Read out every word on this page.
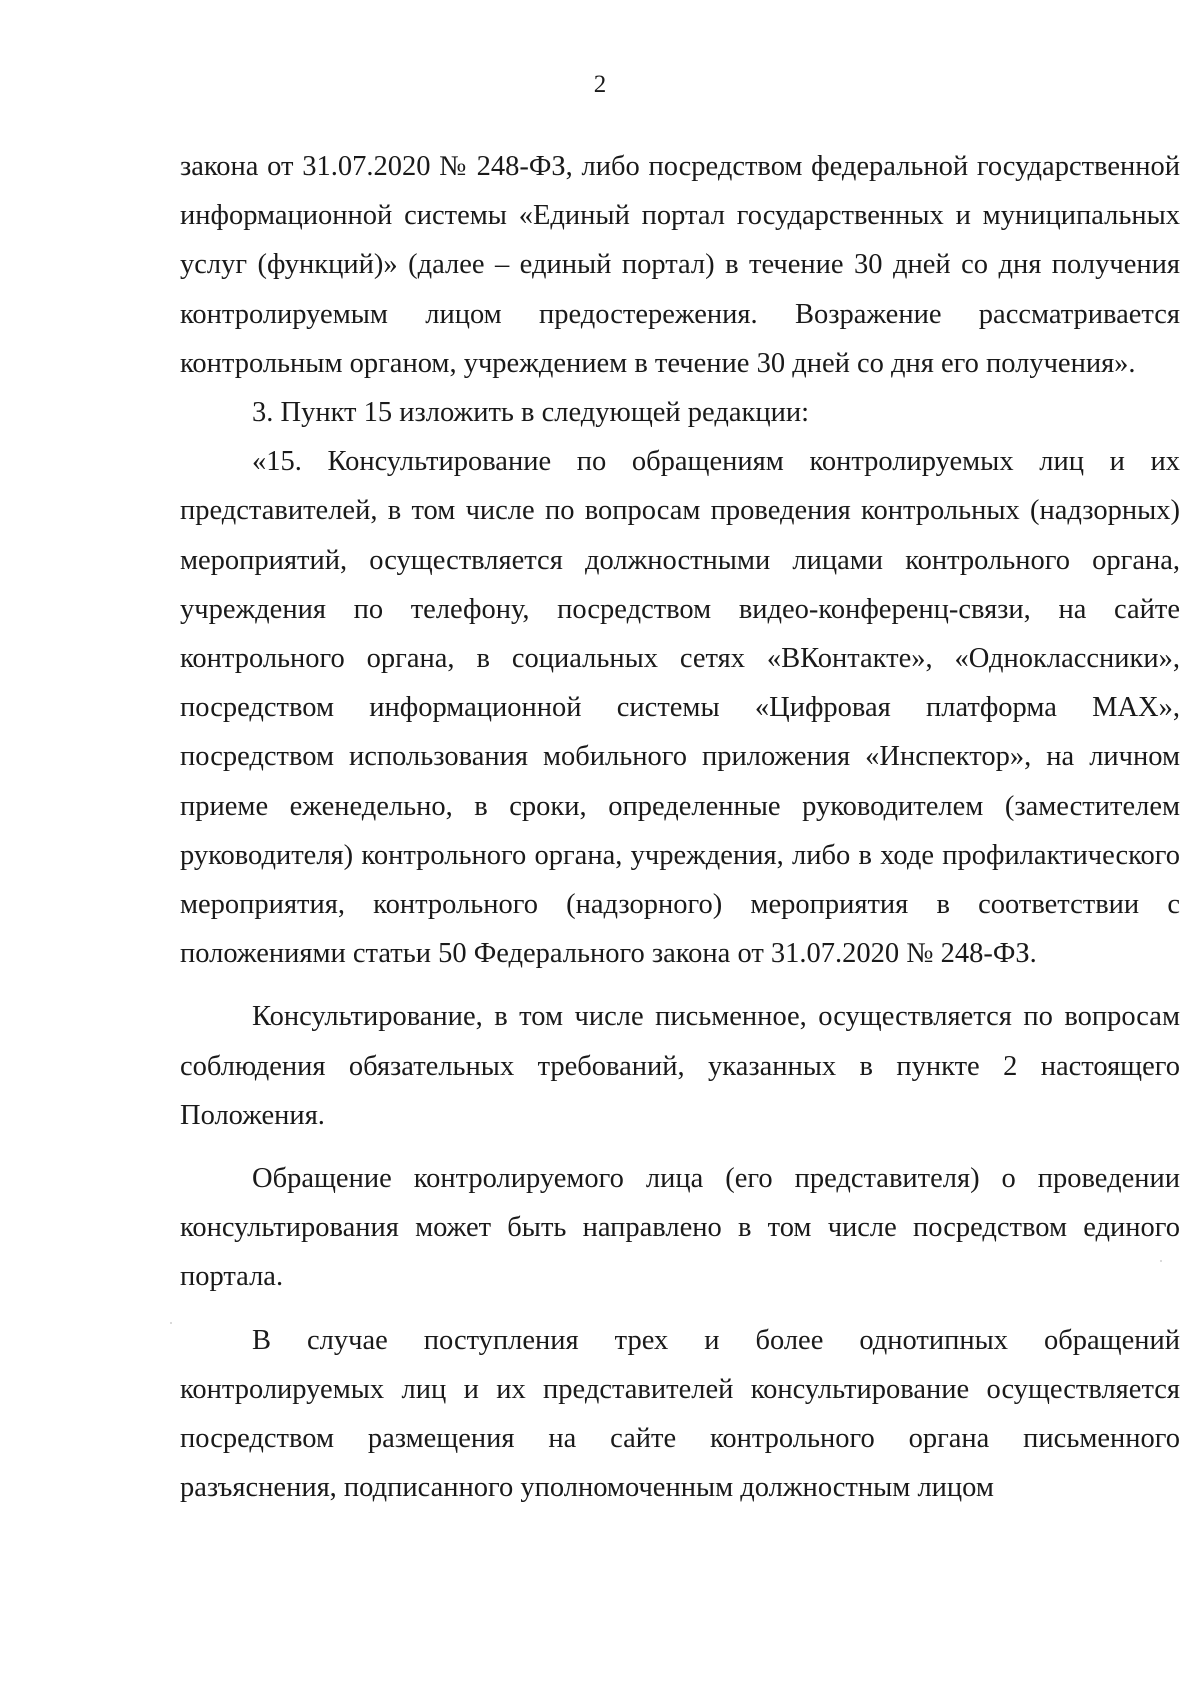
2

закона от 31.07.2020 № 248-ФЗ, либо посредством федеральной государственной информационной системы «Единый портал государственных и муниципальных услуг (функций)» (далее – единый портал) в течение 30 дней со дня получения контролируемым лицом предостережения. Возражение рассматривается контрольным органом, учреждением в течение 30 дней со дня его получения».

3. Пункт 15 изложить в следующей редакции:

«15. Консультирование по обращениям контролируемых лиц и их представителей, в том числе по вопросам проведения контрольных (надзорных) мероприятий, осуществляется должностными лицами контрольного органа, учреждения по телефону, посредством видео-конференц-связи, на сайте контрольного органа, в социальных сетях «ВКонтакте», «Одноклассники», посредством информационной системы «Цифровая платформа MAX», посредством использования мобильного приложения «Инспектор», на личном приеме еженедельно, в сроки, определенные руководителем (заместителем руководителя) контрольного органа, учреждения, либо в ходе профилактического мероприятия, контрольного (надзорного) мероприятия в соответствии с положениями статьи 50 Федерального закона от 31.07.2020 № 248-ФЗ.

Консультирование, в том числе письменное, осуществляется по вопросам соблюдения обязательных требований, указанных в пункте 2 настоящего Положения.

Обращение контролируемого лица (его представителя) о проведении консультирования может быть направлено в том числе посредством единого портала.

В случае поступления трех и более однотипных обращений контролируемых лиц и их представителей консультирование осуществляется посредством размещения на сайте контрольного органа письменного разъяснения, подписанного уполномоченным должностным лицом
